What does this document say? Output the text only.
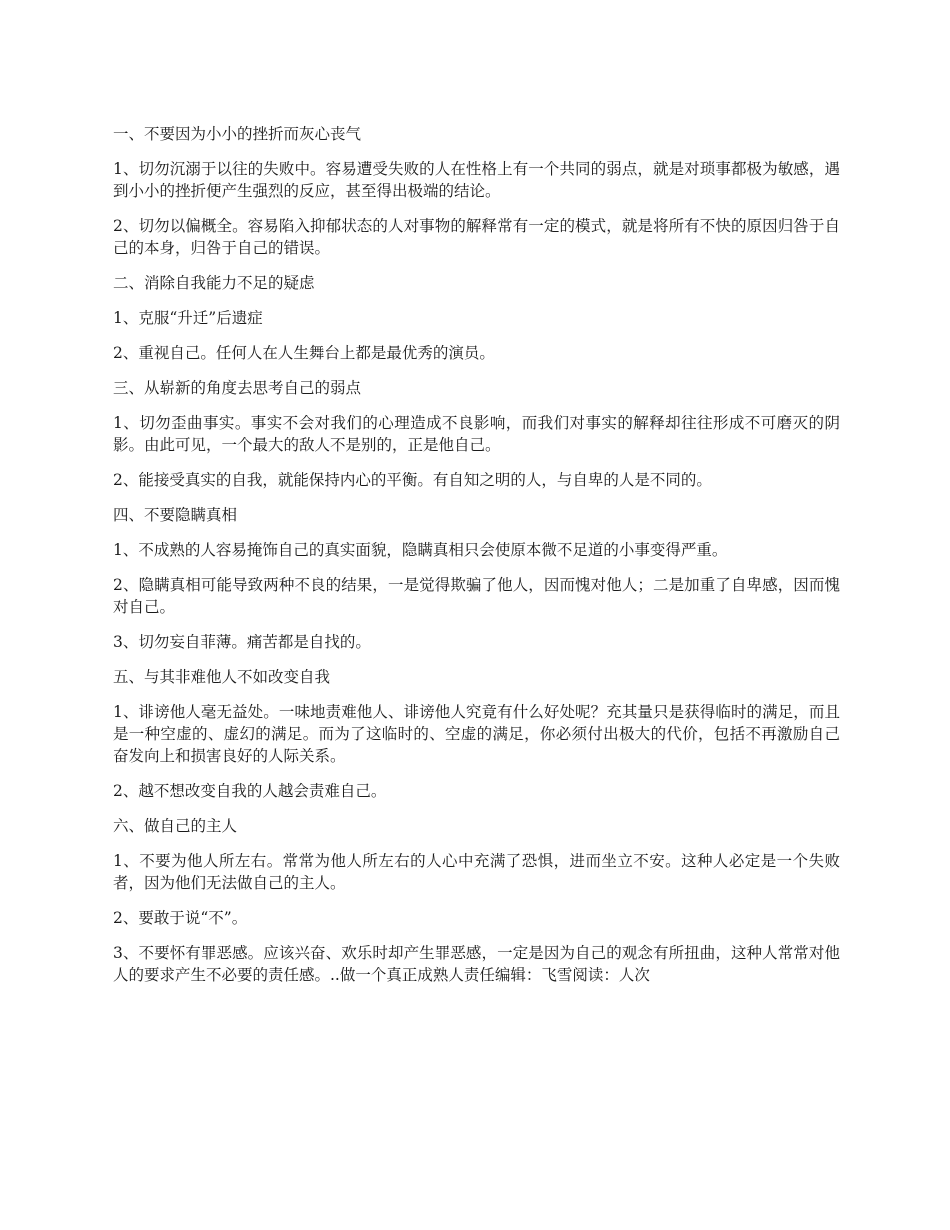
一、不要因为小小的挫折而灰心丧气

1、切勿沉溺于以往的失败中。容易遭受失败的人在性格上有一个共同的弱点，就是对琐事都极为敏感，遇到小小的挫折便产生强烈的反应，甚至得出极端的结论。

2、切勿以偏概全。容易陷入抑郁状态的人对事物的解释常有一定的模式，就是将所有不快的原因归咎于自己的本身，归咎于自己的错误。

二、消除自我能力不足的疑虑

1、克服“升迁”后遗症

2、重视自己。任何人在人生舞台上都是最优秀的演员。

三、从崭新的角度去思考自己的弱点

1、切勿歪曲事实。事实不会对我们的心理造成不良影响，而我们对事实的解释却往往形成不可磨灭的阴影。由此可见，一个最大的敌人不是别的，正是他自己。

2、能接受真实的自我，就能保持内心的平衡。有自知之明的人，与自卑的人是不同的。

四、不要隐瞒真相

1、不成熟的人容易掩饰自己的真实面貌，隐瞒真相只会使原本微不足道的小事变得严重。

2、隐瞒真相可能导致两种不良的结果，一是觉得欺骗了他人，因而愧对他人；二是加重了自卑感，因而愧对自己。

3、切勿妄自菲薄。痛苦都是自找的。

五、与其非难他人不如改变自我

1、诽谤他人毫无益处。一味地责难他人、诽谤他人究竟有什么好处呢？充其量只是获得临时的满足，而且是一种空虚的、虚幻的满足。而为了这临时的、空虚的满足，你必须付出极大的代价，包括不再激励自己奋发向上和损害良好的人际关系。

2、越不想改变自我的人越会责难自己。

六、做自己的主人

1、不要为他人所左右。常常为他人所左右的人心中充满了恐惧，进而坐立不安。这种人必定是一个失败者，因为他们无法做自己的主人。

2、要敢于说“不”。

3、不要怀有罪恶感。应该兴奋、欢乐时却产生罪恶感，一定是因为自己的观念有所扭曲，这种人常常对他人的要求产生不必要的责任感。..做一个真正成熟人责任编辑：飞雪阅读：人次
